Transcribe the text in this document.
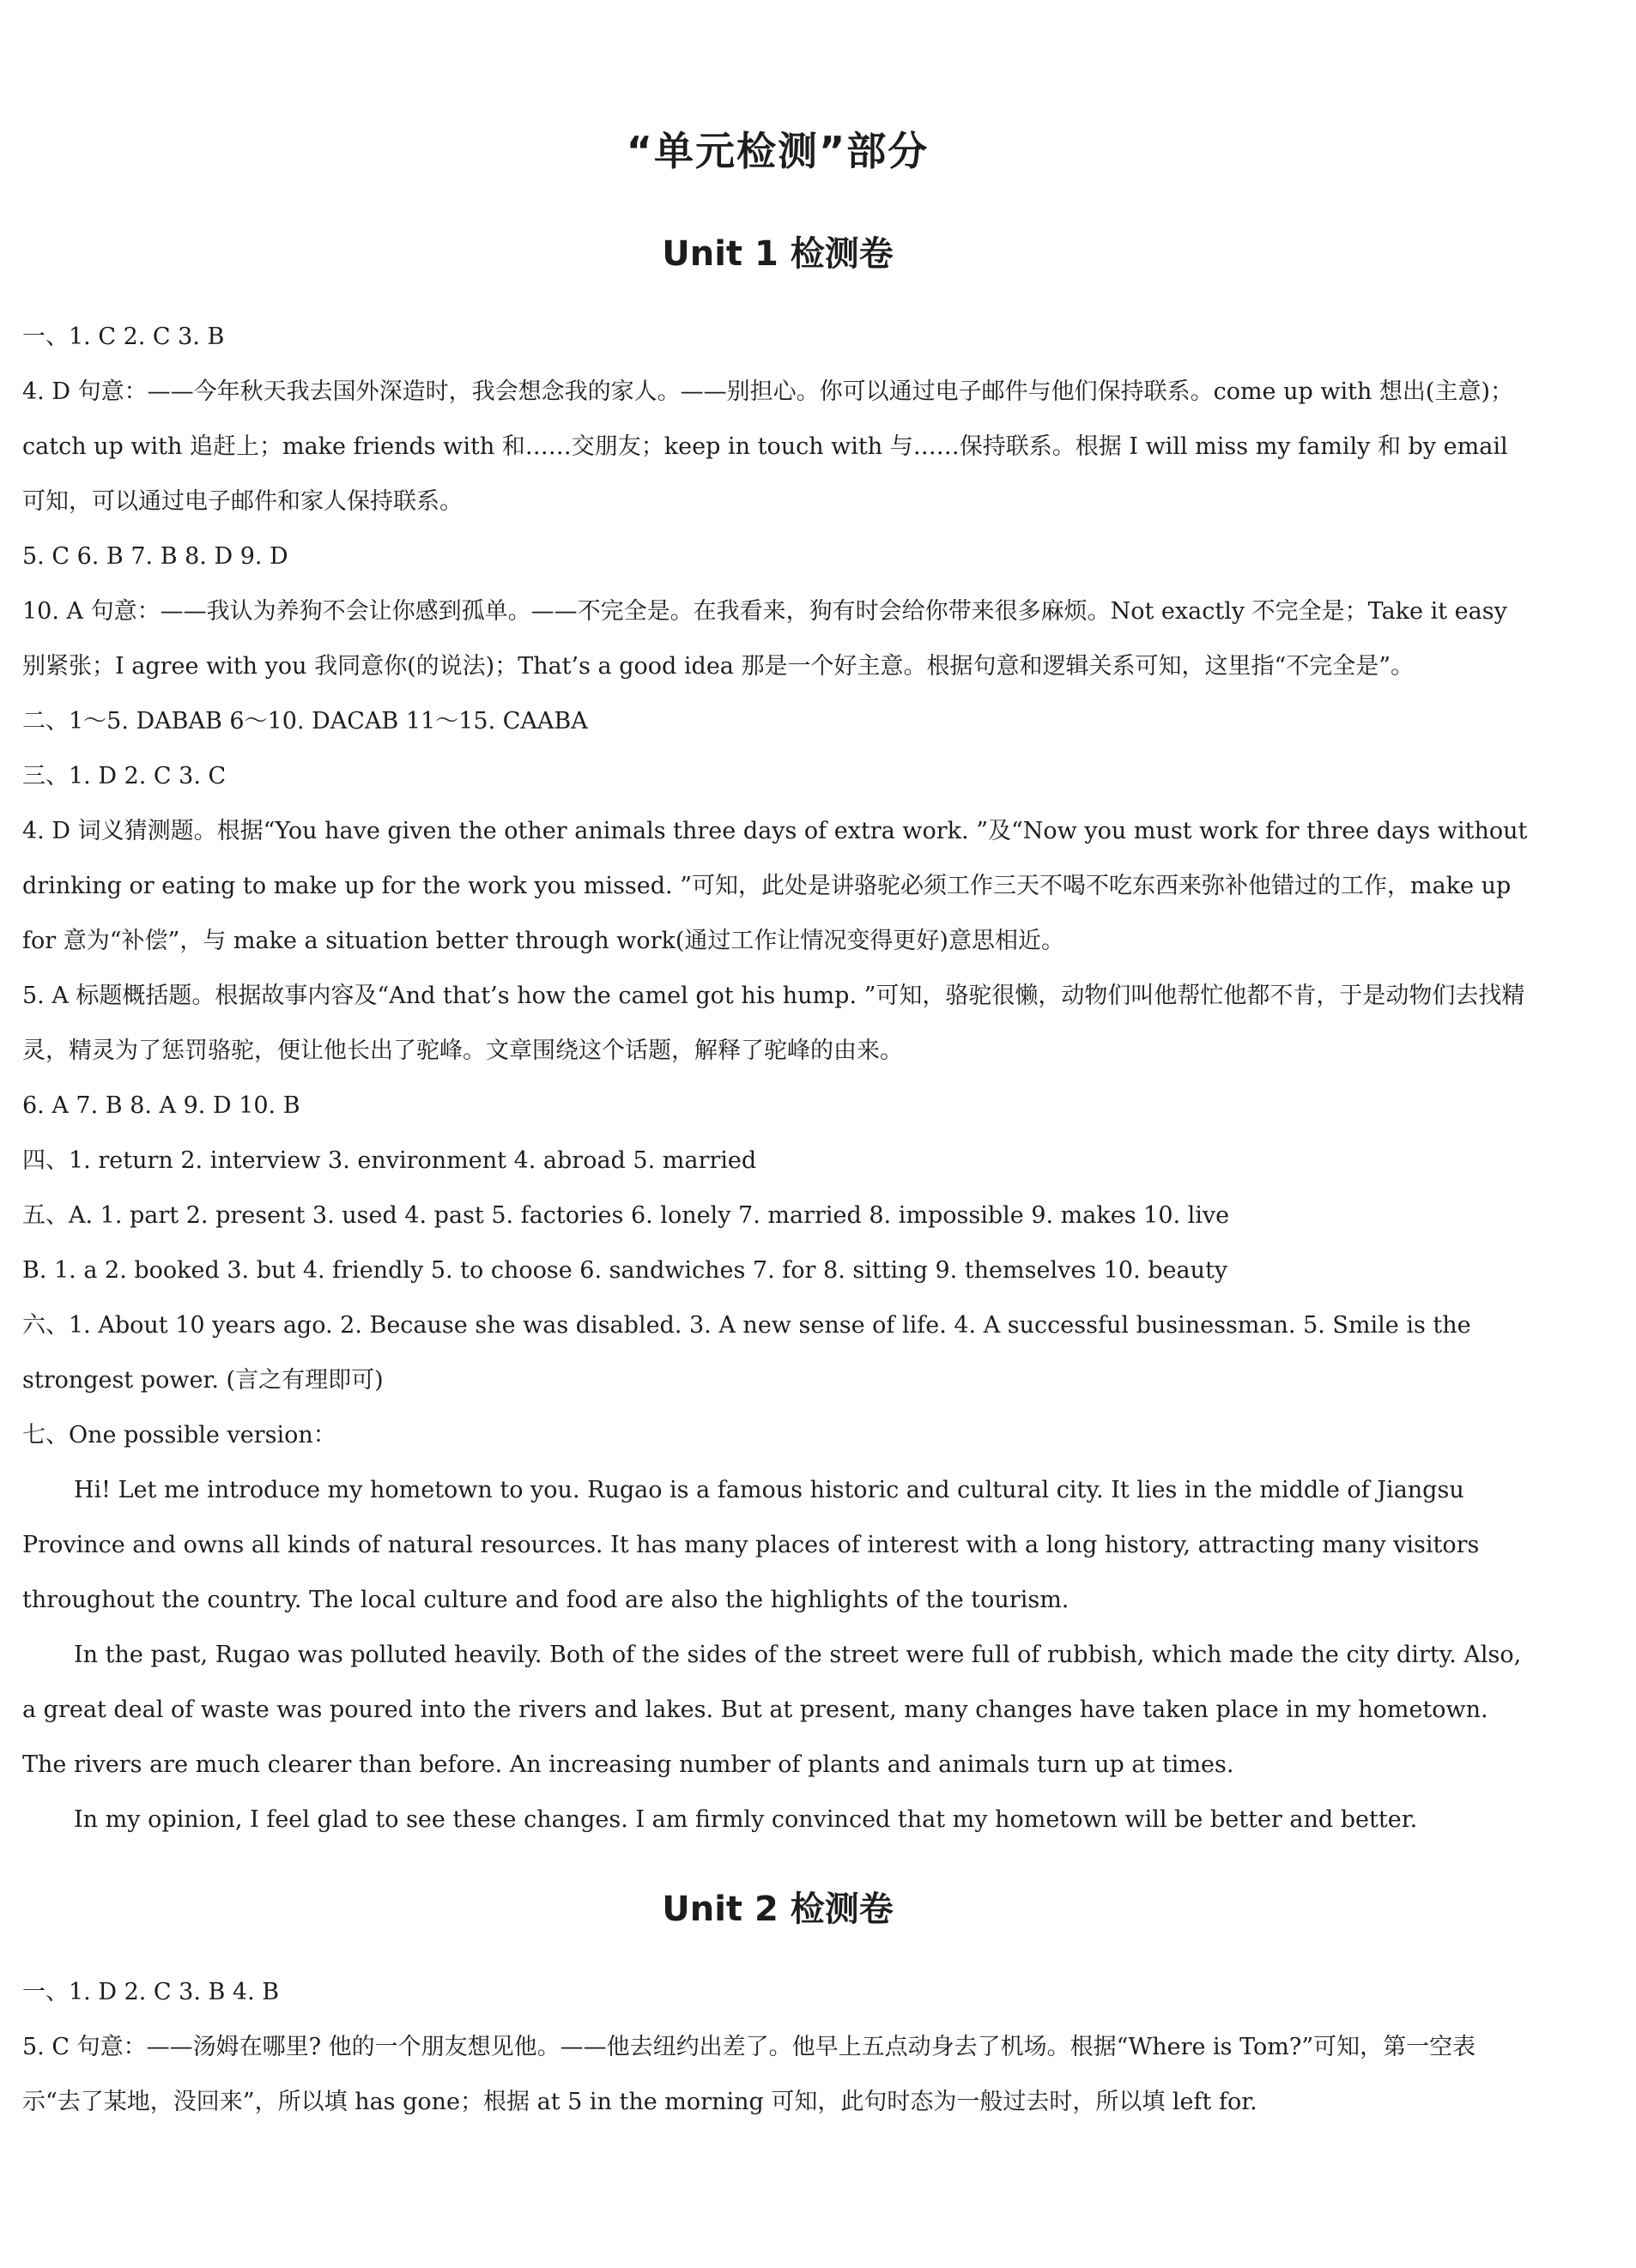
“单元检测”部分
Unit 1 检测卷
一、1. C 2. C 3. B
4. D 句意：——今年秋天我去国外深造时，我会想念我的家人。——别担心。你可以通过电子邮件与他们保持联系。come up with 想出(主意)；catch up with 追赶上；make friends with 和……交朋友；keep in touch with 与……保持联系。根据 I will miss my family 和 by email 可知，可以通过电子邮件和家人保持联系。
5. C 6. B 7. B 8. D 9. D
10. A 句意：——我认为养狗不会让你感到孤单。——不完全是。在我看来，狗有时会给你带来很多麻烦。Not exactly 不完全是；Take it easy 别紧张；I agree with you 我同意你(的说法)；That’s a good idea 那是一个好主意。根据句意和逻辑关系可知，这里指“不完全是”。
二、1～5. DABAB 6～10. DACAB 11～15. CAABA
三、1. D 2. C 3. C
4. D 词义猜测题。根据“You have given the other animals three days of extra work. ”及“Now you must work for three days without drinking or eating to make up for the work you missed. ”可知，此处是讲骆驼必须工作三天不喝不吃东西来弥补他错过的工作，make up for 意为“补偿”，与 make a situation better through work(通过工作让情况变得更好)意思相近。
5. A 标题概括题。根据故事内容及“And that’s how the camel got his hump. ”可知，骆驼很懒，动物们叫他帮忙他都不肯，于是动物们去找精灵，精灵为了惩罚骆驼，便让他长出了驼峰。文章围绕这个话题，解释了驼峰的由来。
6. A 7. B 8. A 9. D 10. B
四、1. return 2. interview 3. environment 4. abroad 5. married
五、A. 1. part 2. present 3. used 4. past 5. factories 6. lonely 7. married 8. impossible 9. makes 10. live
B. 1. a 2. booked 3. but 4. friendly 5. to choose 6. sandwiches 7. for 8. sitting 9. themselves 10. beauty
六、1. About 10 years ago. 2. Because she was disabled. 3. A new sense of life. 4. A successful businessman. 5. Smile is the strongest power. (言之有理即可)
七、One possible version：
Hi! Let me introduce my hometown to you. Rugao is a famous historic and cultural city. It lies in the middle of Jiangsu Province and owns all kinds of natural resources. It has many places of interest with a long history, attracting many visitors throughout the country. The local culture and food are also the highlights of the tourism.
In the past, Rugao was polluted heavily. Both of the sides of the street were full of rubbish, which made the city dirty. Also, a great deal of waste was poured into the rivers and lakes. But at present, many changes have taken place in my hometown. The rivers are much clearer than before. An increasing number of plants and animals turn up at times.
In my opinion, I feel glad to see these changes. I am firmly convinced that my hometown will be better and better.
Unit 2 检测卷
一、1. D 2. C 3. B 4. B
5. C 句意：——汤姆在哪里? 他的一个朋友想见他。——他去纽约出差了。他早上五点动身去了机场。根据“Where is Tom?”可知，第一空表示“去了某地，没回来”，所以填 has gone；根据 at 5 in the morning 可知，此句时态为一般过去时，所以填 left for.
